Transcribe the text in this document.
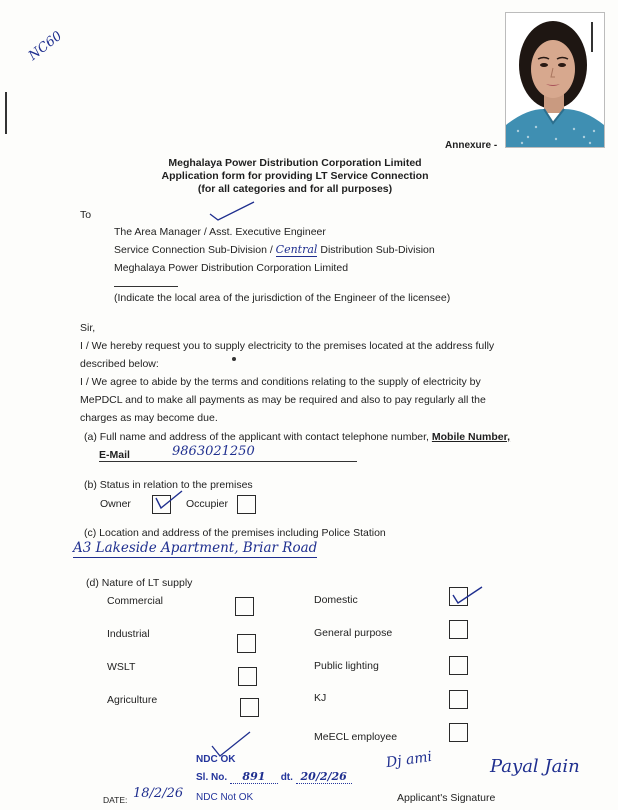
NC60
Annexure -
Meghalaya Power Distribution Corporation Limited
Application form for providing LT Service Connection
(for all categories and for all purposes)
To
The Area Manager / Asst. Executive Engineer
Service Connection Sub-Division / Central Distribution Sub-Division
Meghalaya Power Distribution Corporation Limited
(Indicate the local area of the jurisdiction of the Engineer of the licensee)
Sir,
I / We hereby request you to supply electricity to the premises located at the address fully
described below:
I / We agree to abide by the terms and conditions relating to the supply of electricity by
MePDCL and to make all payments as may be required and also to pay regularly all the
charges as may become due.
(a) Full name and address of the applicant with contact telephone number, Mobile Number,
E-Mail	9863021250
(b) Status in relation to the premises
Owner	Occupier
(c) Location and address of the premises including Police Station
A3 Lakeside Apartment, Briar Road
(d) Nature of LT supply
Commercial
Industrial
WSLT
Agriculture
Domestic
General purpose
Public lighting
KJ
MeECL employee
NDC OK
Sl. No. 891 dt. 20/2/26
NDC Not OK
DATE: 18/2/26
Dj ami	Payal Jain
Applicant's Signature
